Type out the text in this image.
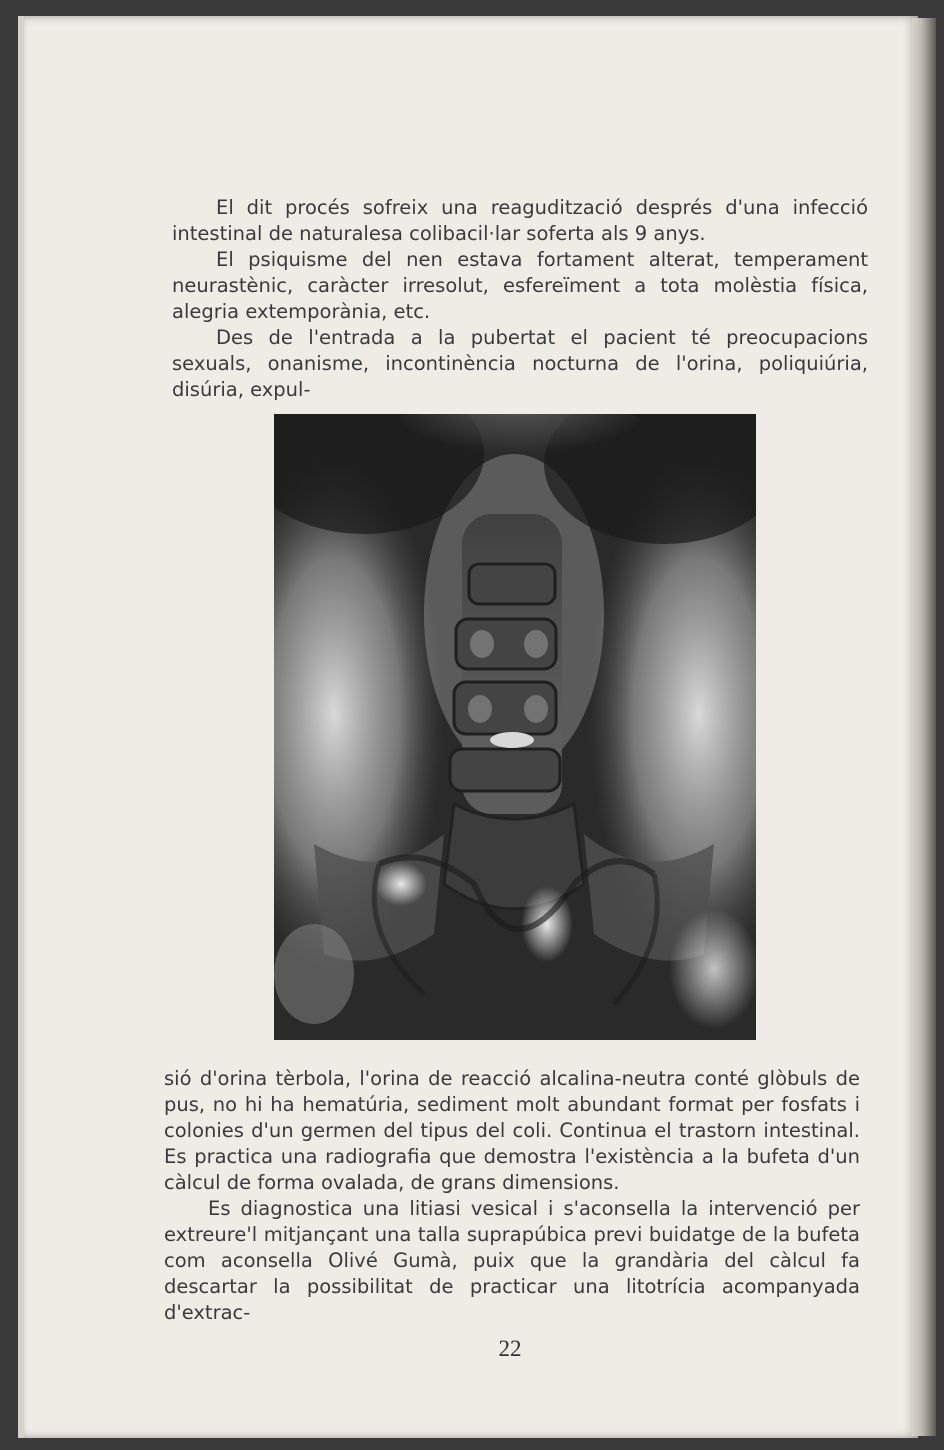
El dit procés sofreix una reagudització després d'una infecció intestinal de naturalesa colibacil·lar soferta als 9 anys.

El psiquisme del nen estava fortament alterat, temperament neurastènic, caràcter irresolut, esfereïment a tota molèstia física, alegria extemporània, etc.

Des de l'entrada a la pubertat el pacient té preocupacions sexuals, onanisme, incontinència nocturna de l'orina, poliquiúria, disúria, expul-

sió d'orina tèrbola, l'orina de reacció alcalina-neutra conté glòbuls de pus, no hi ha hematúria, sediment molt abundant format per fosfats i colonies d'un germen del tipus del coli. Continua el trastorn intestinal. Es practica una radiografia que demostra l'existència a la bufeta d'un càlcul de forma ovalada, de grans dimensions.

Es diagnostica una litiasi vesical i s'aconsella la intervenció per extreure'l mitjançant una talla suprapúbica previ buidatge de la bufeta com aconsella Olivé Gumà, puix que la grandària del càlcul fa descartar la possibilitat de practicar una litotrícia acompanyada d'extrac-

22
